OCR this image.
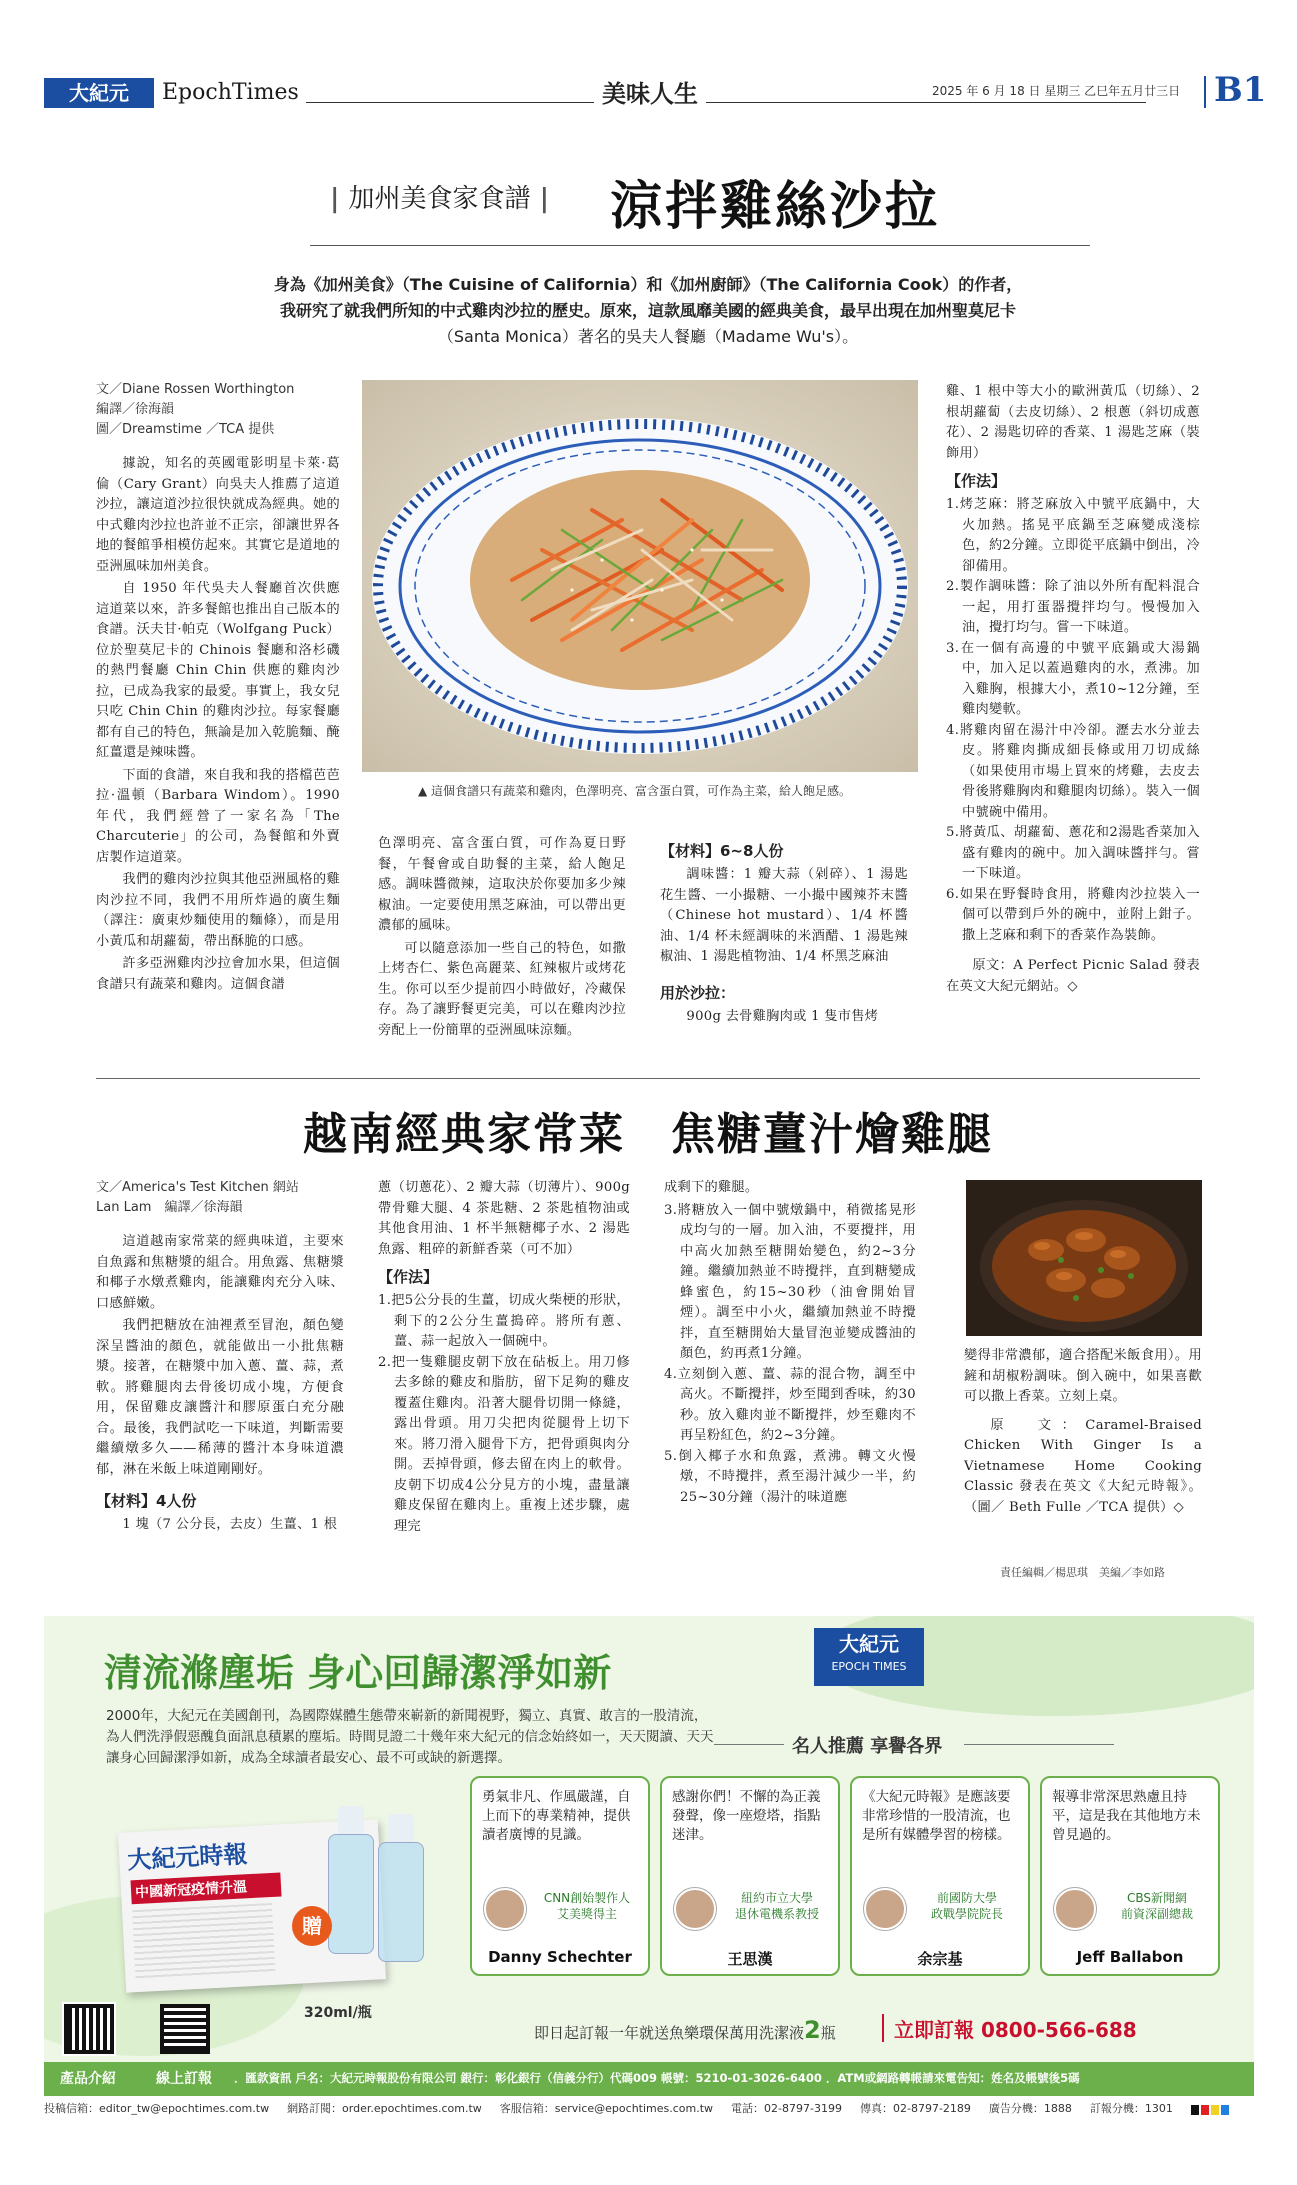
大紀元	EpochTimes	美味人生	2025 年 6 月 18 日 星期三 乙巳年五月廿三日 B1
| 加州美食家食譜 | 涼拌雞絲沙拉
身為《加州美食》（The Cuisine of California）和《加州廚師》（The California Cook）的作者，
我研究了就我們所知的中式雞肉沙拉的歷史。原來，這款風靡美國的經典美食，最早出現在加州聖莫尼卡
（Santa Monica）著名的吳夫人餐廳（Madame Wu's）。
文／Diane Rossen Worthington
編譯／徐海韻
圖／Dreamstime ／TCA 提供

據說，知名的英國電影明星卡萊·葛倫（Cary Grant）向吳夫人推薦了這道沙拉，讓這道沙拉很快就成為經典。她的中式雞肉沙拉也許並不正宗，卻讓世界各地的餐館爭相模仿起來。其實它是道地的亞洲風味加州美食。

自 1950 年代吳夫人餐廳首次供應這道菜以來，許多餐館也推出自己版本的食譜。沃夫甘·帕克（Wolfgang Puck）位於聖莫尼卡的 Chinois 餐廳和洛杉磯的熱門餐廳 Chin Chin 供應的雞肉沙拉，已成為我家的最愛。事實上，我女兒只吃 Chin Chin 的雞肉沙拉。每家餐廳都有自己的特色，無論是加入乾脆麵、醃紅薑還是辣味醬。

下面的食譜，來自我和我的搭檔芭芭拉·溫頓（Barbara Windom）。1990 年代，我們經營了一家名為「The Charcuterie」的公司，為餐館和外賣店製作這道菜。

我們的雞肉沙拉與其他亞洲風格的雞肉沙拉不同，我們不用所炸過的廣生麵（譯注：廣東炒麵使用的麵條），而是用小黃瓜和胡蘿蔔，帶出酥脆的口感。

許多亞洲雞肉沙拉會加水果，但這個食譜只有蔬菜和雞肉。這個食譜

▲ 這個食譜只有蔬菜和雞肉，色澤明亮、富含蛋白質，可作為主菜，給人飽足感。

色澤明亮、富含蛋白質，可作為夏日野餐，午餐會或自助餐的主菜，給人飽足感。調味醬微辣，這取決於你要加多少辣椒油。一定要使用黑芝麻油，可以帶出更濃郁的風味。

可以隨意添加一些自己的特色，如撒上烤杏仁、紫色高麗菜、紅辣椒片或烤花生。你可以至少提前四小時做好，冷藏保存。為了讓野餐更完美，可以在雞肉沙拉旁配上一份簡單的亞洲風味涼麵。

【材料】6~8人份

調味醬：1 瓣大蒜（剁碎）、1 湯匙花生醬、一小撮糖、一小撮中國辣芥末醬（Chinese hot mustard）、1/4 杯醬油、1/4 杯未經調味的米酒醋、1 湯匙辣椒油、1 湯匙植物油、1/4 杯黑芝麻油

用於沙拉：

900g 去骨雞胸肉或 1 隻市售烤

雞、1 根中等大小的歐洲黃瓜（切絲）、2 根胡蘿蔔（去皮切絲）、2 根蔥（斜切成蔥花）、2 湯匙切碎的香菜、1 湯匙芝麻（裝飾用）

【作法】
1.烤芝麻：將芝麻放入中號平底鍋中，大火加熱。搖晃平底鍋至芝麻變成淺棕色，約2分鐘。立即從平底鍋中倒出，冷卻備用。
2.製作調味醬：除了油以外所有配料混合一起，用打蛋器攪拌均勻。慢慢加入油，攪打均勻。嘗一下味道。
3.在一個有高邊的中號平底鍋或大湯鍋中，加入足以蓋過雞肉的水，煮沸。加入雞胸，根據大小，煮10~12分鐘，至雞肉變軟。
4.將雞肉留在湯汁中冷卻。瀝去水分並去皮。將雞肉撕成細長條或用刀切成絲（如果使用市場上買來的烤雞，去皮去骨後將雞胸肉和雞腿肉切絲）。裝入一個中號碗中備用。
5.將黃瓜、胡蘿蔔、蔥花和2湯匙香菜加入盛有雞肉的碗中。加入調味醬拌勻。嘗一下味道。
6.如果在野餐時食用，將雞肉沙拉裝入一個可以帶到戶外的碗中，並附上鉗子。撒上芝麻和剩下的香菜作為裝飾。

原文：A Perfect Picnic Salad 發表在英文大紀元網站。◇

越南經典家常菜　焦糖薑汁燴雞腿
文／America's Test Kitchen 網站
Lan Lam　編譯／徐海韻

這道越南家常菜的經典味道，主要來自魚露和焦糖漿的組合。用魚露、焦糖漿和椰子水燉煮雞肉，能讓雞肉充分入味、口感鮮嫩。

我們把糖放在油裡煮至冒泡，顏色變深呈醬油的顏色，就能做出一小批焦糖漿。接著，在糖漿中加入蔥、薑、蒜，煮軟。將雞腿肉去骨後切成小塊，方便食用，保留雞皮讓醬汁和膠原蛋白充分融合。最後，我們試吃一下味道，判斷需要繼續燉多久——稀薄的醬汁本身味道濃郁，淋在米飯上味道剛剛好。

【材料】4人份

1 塊（7 公分長，去皮）生薑、1 根

蔥（切蔥花）、2 瓣大蒜（切薄片）、900g 帶骨雞大腿、4 茶匙糖、2 茶匙植物油或其他食用油、1 杯半無糖椰子水、2 湯匙魚露、粗碎的新鮮香菜（可不加）

【作法】
1.把5公分長的生薑，切成火柴梗的形狀，剩下的2公分生薑搗碎。將所有蔥、薑、蒜一起放入一個碗中。
2.把一隻雞腿皮朝下放在砧板上。用刀修去多餘的雞皮和脂肪，留下足夠的雞皮覆蓋住雞肉。沿著大腿骨切開一條縫，露出骨頭。用刀尖把肉從腿骨上切下來。將刀滑入腿骨下方，把骨頭與肉分開。丟掉骨頭，修去留在肉上的軟骨。皮朝下切成4公分見方的小塊，盡量讓雞皮保留在雞肉上。重複上述步驟，處理完

成剩下的雞腿。

3.將糖放入一個中號燉鍋中，稍微搖晃形成均勻的一層。加入油，不要攪拌，用中高火加熱至糖開始變色，約2~3分鐘。繼續加熱並不時攪拌，直到糖變成蜂蜜色，約15~30秒（油會開始冒煙）。調至中小火，繼續加熱並不時攪拌，直至糖開始大量冒泡並變成醬油的顏色，約再煮1分鐘。
4.立刻倒入蔥、薑、蒜的混合物，調至中高火。不斷攪拌，炒至聞到香味，約30秒。放入雞肉並不斷攪拌，炒至雞肉不再呈粉紅色，約2~3分鐘。
5.倒入椰子水和魚露，煮沸。轉文火慢燉，不時攪拌，煮至湯汁減少一半，約25~30分鐘（湯汁的味道應

變得非常濃郁，適合搭配米飯食用）。用鏟和胡椒粉調味。倒入碗中，如果喜歡可以撒上香菜。立刻上桌。

原　文：Caramel-Braised Chicken With Ginger Is a Vietnamese Home Cooking Classic 發表在英文《大紀元時報》。（圖／ Beth Fulle ／TCA 提供）◇

責任編輯／楊思琪　美編／李如路
清流滌塵垢 身心回歸潔淨如新
大紀元
EPOCH TIMES
2000年，大紀元在美國創刊，為國際媒體生態帶來嶄新的新聞視野，獨立、真實、敢言的一股清流，為人們洗淨假惡醜負面訊息積累的塵垢。時間見證二十幾年來大紀元的信念始終如一，天天閱讀、天天讓身心回歸潔淨如新，成為全球讀者最安心、最不可或缺的新選擇。
名人推薦 享譽各界
大紀元時報
中國新冠疫情升溫
贈
320ml/瓶
勇氣非凡、作風嚴謹，自上而下的專業精神，提供讀者廣博的見識。
CNN創始製作人
艾美獎得主
Danny Schechter
感謝你們！不懈的為正義發聲，像一座燈塔，指點迷津。
紐約市立大學
退休電機系教授
王思漢
《大紀元時報》是應該要非常珍惜的一股清流，也是所有媒體學習的榜樣。
前國防大學
政戰學院院長
余宗基
報導非常深思熟慮且持平，這是我在其他地方未曾見過的。
CBS新聞網
前資深副總裁
Jeff Ballabon
即日起訂報一年就送魚樂環保萬用洗潔液2瓶	立即訂報 0800-566-688
產品介紹	線上訂報 ．匯款資訊 戶名：大紀元時報股份有限公司 銀行：彰化銀行（信義分行）代碼009 帳號：5210-01-3026-6400 ．ATM或網路轉帳請來電告知：姓名及帳號後5碼
投稿信箱：editor_tw@epochtimes.com.tw 網路訂閱：order.epochtimes.com.tw 客服信箱：service@epochtimes.com.tw 電話：02-8797-3199 傳真：02-8797-2189 廣告分機：1888 訂報分機：1301
